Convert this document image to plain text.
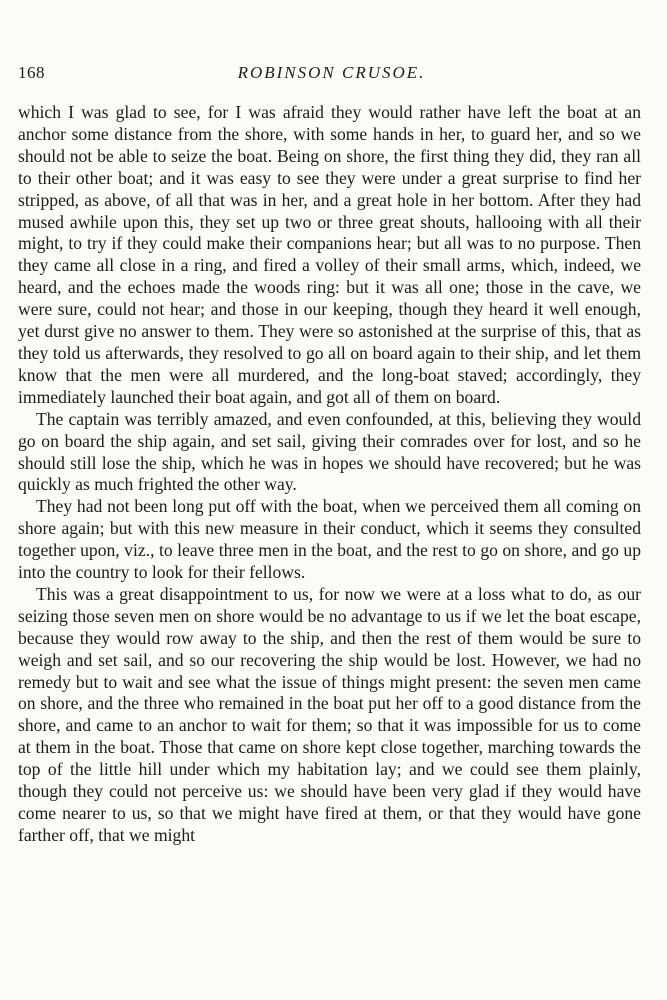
168	ROBINSON CRUSOE.

which I was glad to see, for I was afraid they would rather have left the boat at an anchor some distance from the shore, with some hands in her, to guard her, and so we should not be able to seize the boat. Being on shore, the first thing they did, they ran all to their other boat; and it was easy to see they were under a great surprise to find her stripped, as above, of all that was in her, and a great hole in her bottom. After they had mused awhile upon this, they set up two or three great shouts, hallooing with all their might, to try if they could make their companions hear; but all was to no purpose. Then they came all close in a ring, and fired a volley of their small arms, which, indeed, we heard, and the echoes made the woods ring: but it was all one; those in the cave, we were sure, could not hear; and those in our keeping, though they heard it well enough, yet durst give no answer to them. They were so astonished at the surprise of this, that as they told us afterwards, they resolved to go all on board again to their ship, and let them know that the men were all murdered, and the long-boat staved; accordingly, they immediately launched their boat again, and got all of them on board.

The captain was terribly amazed, and even confounded, at this, believing they would go on board the ship again, and set sail, giving their comrades over for lost, and so he should still lose the ship, which he was in hopes we should have recovered; but he was quickly as much frighted the other way.

They had not been long put off with the boat, when we perceived them all coming on shore again; but with this new measure in their conduct, which it seems they consulted together upon, viz., to leave three men in the boat, and the rest to go on shore, and go up into the country to look for their fellows.

This was a great disappointment to us, for now we were at a loss what to do, as our seizing those seven men on shore would be no advantage to us if we let the boat escape, because they would row away to the ship, and then the rest of them would be sure to weigh and set sail, and so our recovering the ship would be lost. However, we had no remedy but to wait and see what the issue of things might present: the seven men came on shore, and the three who remained in the boat put her off to a good distance from the shore, and came to an anchor to wait for them; so that it was impossible for us to come at them in the boat. Those that came on shore kept close together, marching towards the top of the little hill under which my habitation lay; and we could see them plainly, though they could not perceive us: we should have been very glad if they would have come nearer to us, so that we might have fired at them, or that they would have gone farther off, that we might
